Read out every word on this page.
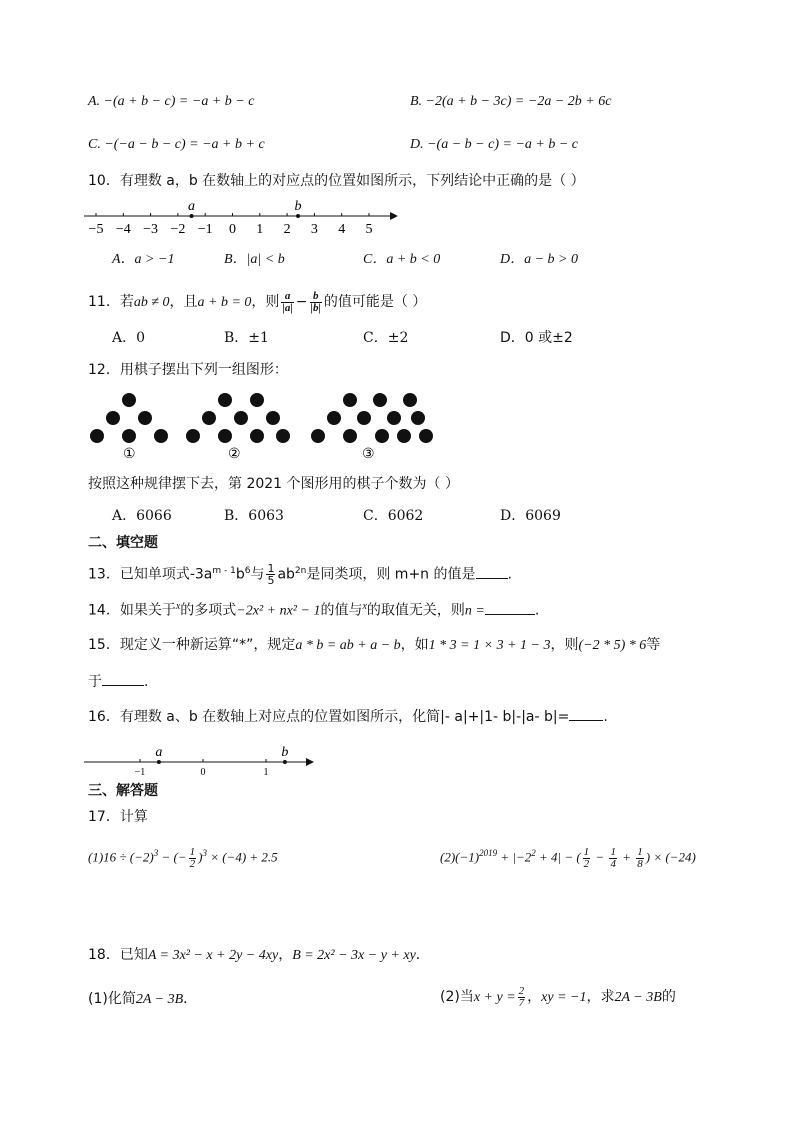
A. −(a + b − c) = −a + b − c	B. −2(a + b − 3c) = −2a − 2b + 6c
C. −(−a − b − c) = −a + b + c	D. −(a − b − c) = −a + b − c
10．有理数 a，b 在数轴上的对应点的位置如图所示，下列结论中正确的是（ ）
−5 −4 −3 −2 −1 0 1 2 3 4 5
a	b
A．a > −1	B．|a| < b	C．a + b < 0	D．a − b > 0
11．若ab ≠ 0，且a + b = 0，则 $\frac{a}{|a|} - \frac{b}{|b|}$ 的值可能是（ ）
A．0	B．±1	C．±2	D．0 或±2
12．用棋子摆出下列一组图形：
①	②	③
按照这种规律摆下去，第 2021 个图形用的棋子个数为（ ）
A．6066	B．6063	C．6062	D．6069
二、填空题
13．已知单项式$-3a^{m - 1}b^6$与 $\frac{1}{5} ab^{2n}$是同类项，则 m+n 的值是 .
14．如果关于$^x$的多项式−2x² + nx² − 1的值与$^x$的取值无关，则n =	.
15．现定义一种新运算“*”，规定a * b = ab + a − b，如1 * 3 = 1 × 3 + 1 − 3，则(−2 * 5) * 6等
于	.
16．有理数 a、b 在数轴上对应点的位置如图所示，化简|- a|+|1- b|-|a- b|= .
−1	0	1
a	b
三、解答题
17．计算
$(1)16 \div (-2)^3$ − (− $\frac{1}{2} )^3 \times (-4) + 2.5$	$(2)(-1)^{2019} + |-2^2 + 4|$ − ( $\frac{1}{2} - \frac{1}{4} + \frac{1}{8}$ ) × (−24)
18．已知A = 3x² − x + 2y − 4xy，B = 2x² − 3x − y + xy．
(1)化简2A − 3B．	(2)当$x + y = \frac{2}{7}$ ，xy = −1，求2A − 3B的
